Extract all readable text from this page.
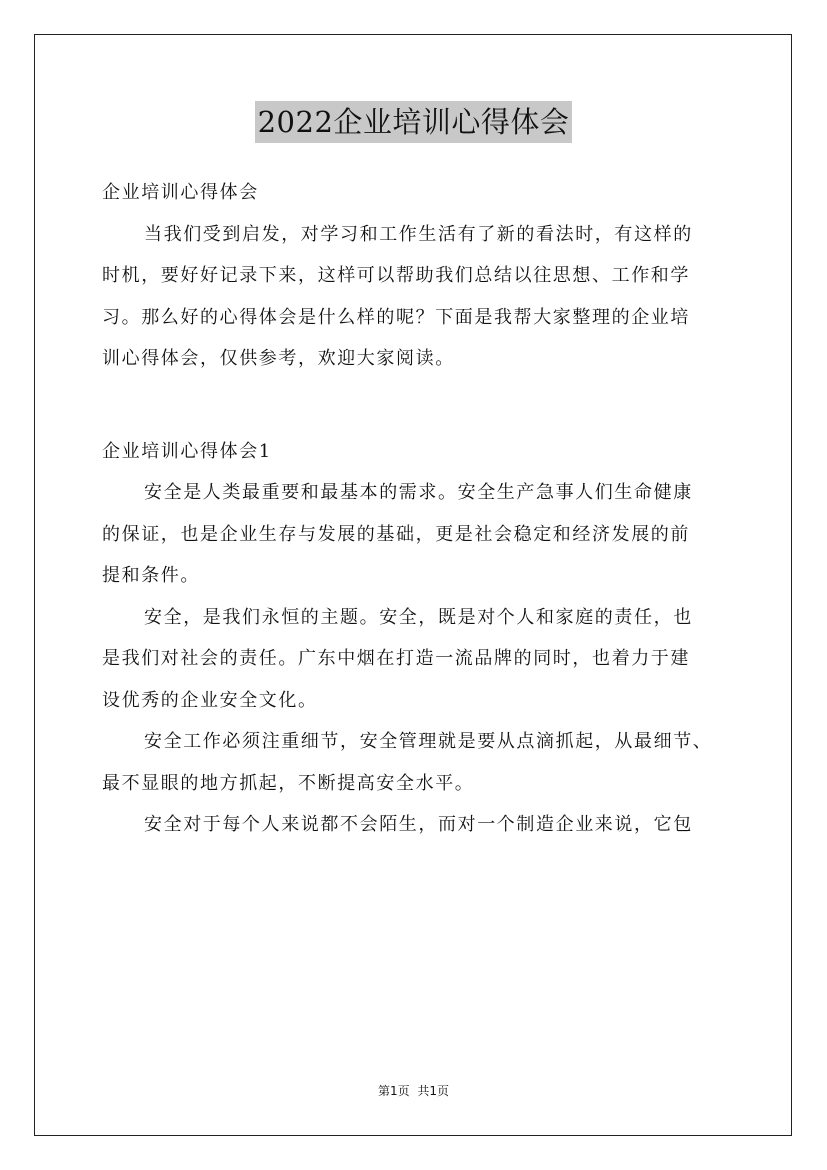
2022企业培训心得体会
企业培训心得体会
当我们受到启发，对学习和工作生活有了新的看法时，有这样的
时机，要好好记录下来，这样可以帮助我们总结以往思想、工作和学
习。那么好的心得体会是什么样的呢？下面是我帮大家整理的企业培
训心得体会，仅供参考，欢迎大家阅读。
企业培训心得体会1
安全是人类最重要和最基本的需求。安全生产急事人们生命健康
的保证，也是企业生存与发展的基础，更是社会稳定和经济发展的前
提和条件。
安全，是我们永恒的主题。安全，既是对个人和家庭的责任，也
是我们对社会的责任。广东中烟在打造一流品牌的同时，也着力于建
设优秀的企业安全文化。
安全工作必须注重细节，安全管理就是要从点滴抓起，从最细节、
最不显眼的地方抓起，不断提高安全水平。
安全对于每个人来说都不会陌生，而对一个制造企业来说，它包
第1页 共1页
